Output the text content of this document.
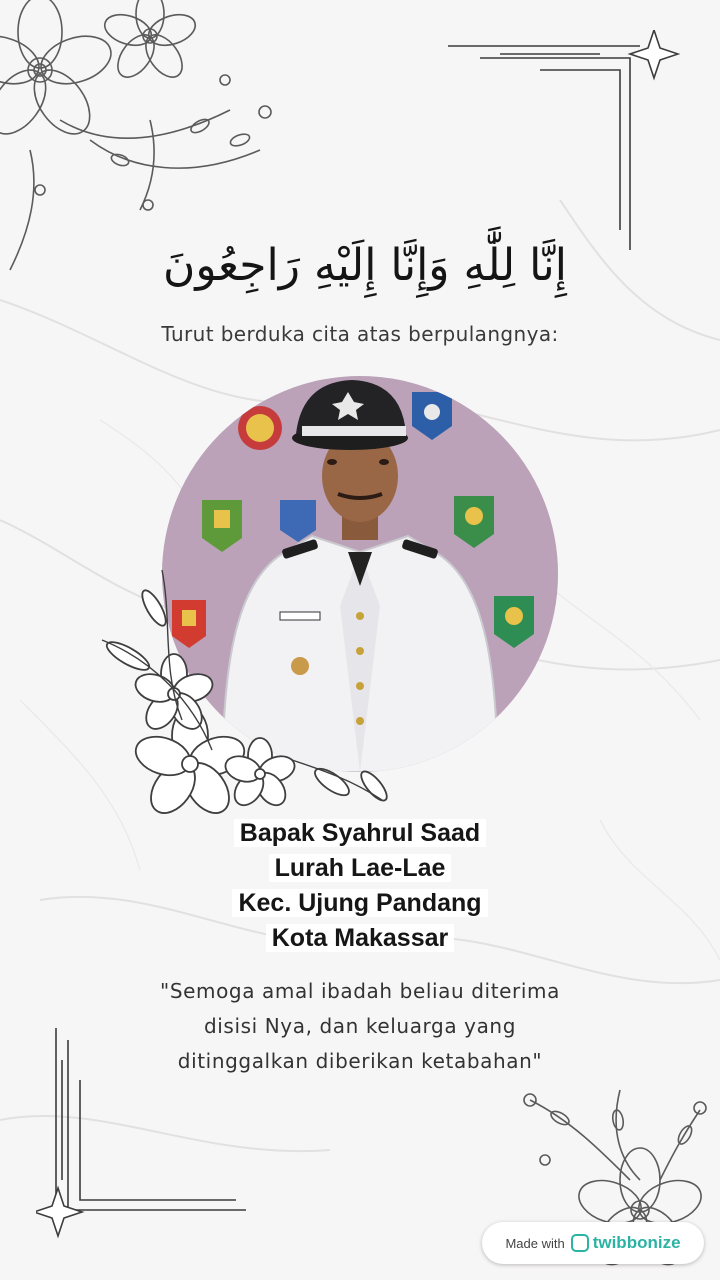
إِنَّا لِلَّٰهِ وَإِنَّا إِلَيْهِ رَاجِعُونَ
Turut berduka cita atas berpulangnya:
Bapak Syahrul Saad
Lurah Lae-Lae
Kec. Ujung Pandang
Kota Makassar
"Semoga amal ibadah beliau diterima
disisi Nya, dan keluarga yang
ditinggalkan diberikan ketabahan"
Made with twibbonize
